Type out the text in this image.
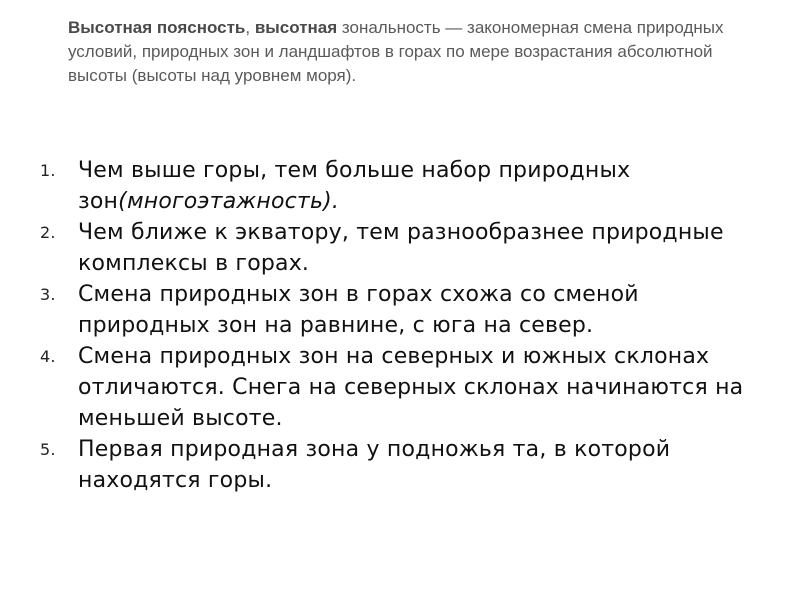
Высотная поясность, высотная зональность — закономерная смена природных условий, природных зон и ландшафтов в горах по мере возрастания абсолютной высоты (высоты над уровнем моря).

1. Чем выше горы, тем больше набор природных зон(многоэтажность).
2. Чем ближе к экватору, тем разнообразнее природные комплексы в горах.
3. Смена природных зон в горах схожа со сменой природных зон на равнине, с юга на север.
4. Смена природных зон на северных и южных склонах отличаются. Снега на северных склонах начинаются на меньшей высоте.
5. Первая природная зона у подножья та, в которой находятся горы.
